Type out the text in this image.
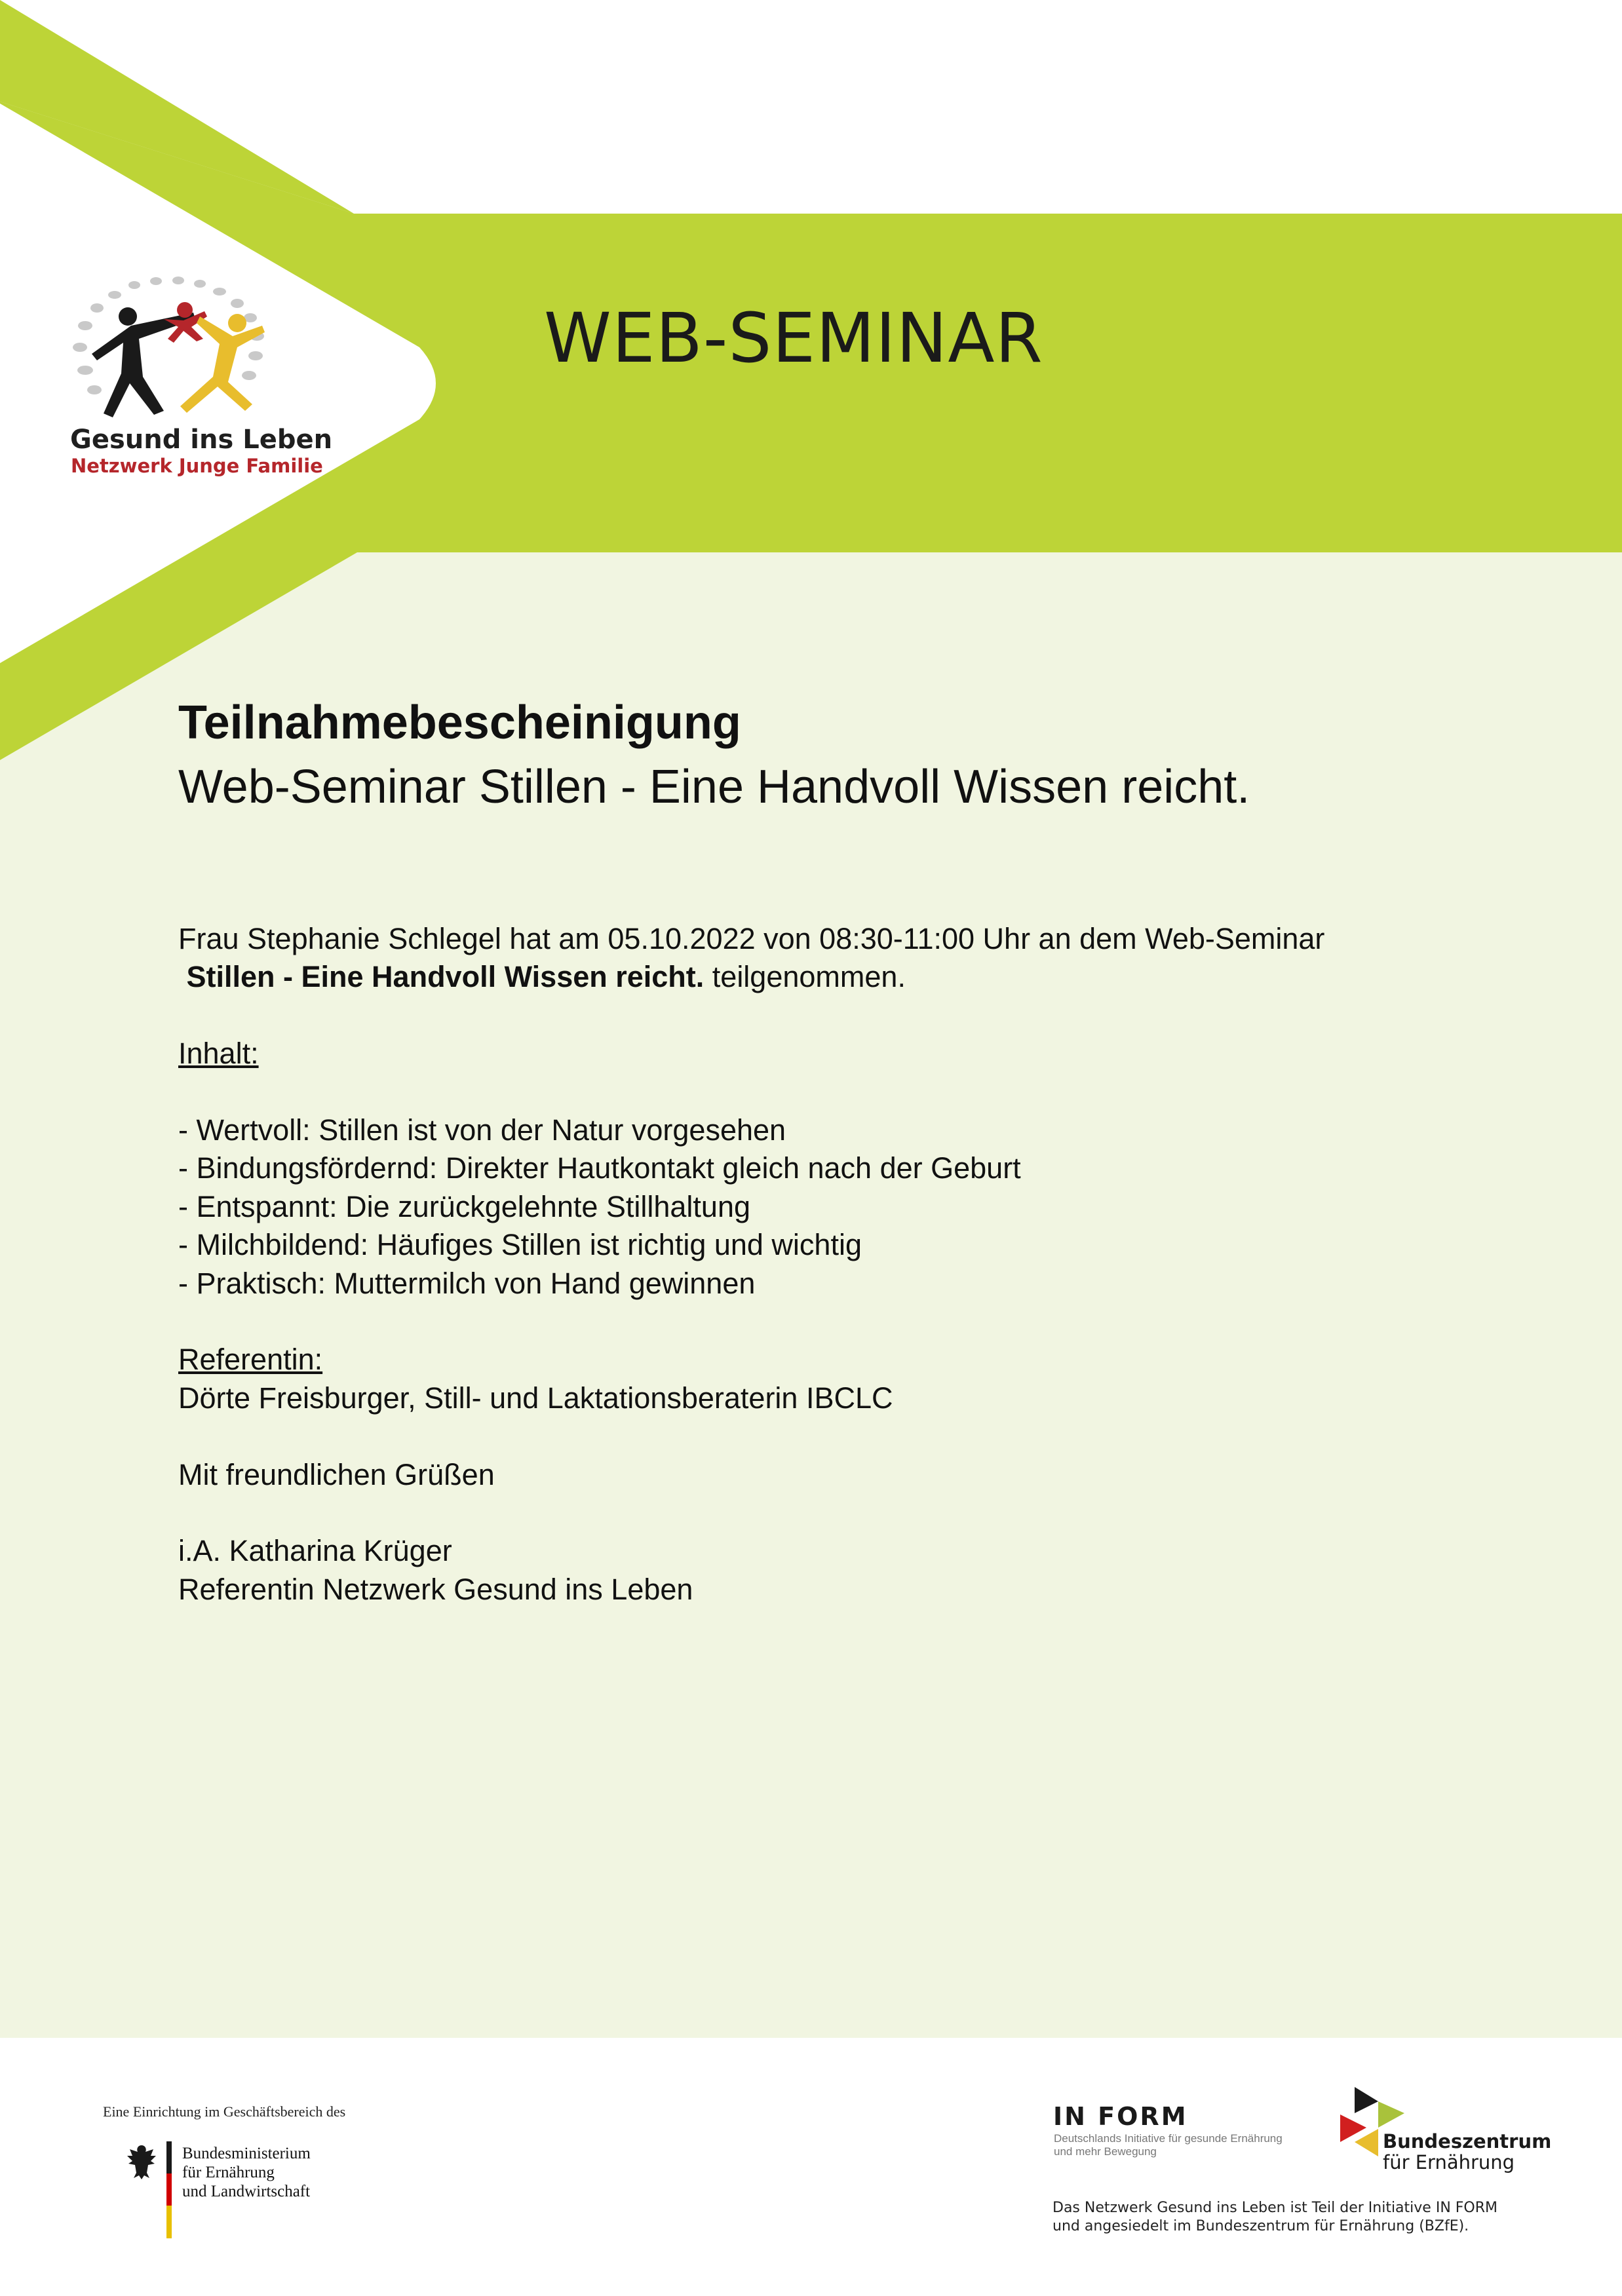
Gesund ins Leben
Netzwerk Junge Familie
WEB-SEMINAR
Teilnahmebescheinigung
Web-Seminar Stillen - Eine Handvoll Wissen reicht.

Frau Stephanie Schlegel hat am 05.10.2022 von 08:30-11:00 Uhr an dem Web-Seminar

Stillen - Eine Handvoll Wissen reicht. teilgenommen.

Inhalt:

- Wertvoll: Stillen ist von der Natur vorgesehen

- Bindungsfördernd: Direkter Hautkontakt gleich nach der Geburt

- Entspannt: Die zurückgelehnte Stillhaltung

- Milchbildend: Häufiges Stillen ist richtig und wichtig

- Praktisch: Muttermilch von Hand gewinnen

Referentin:

Dörte Freisburger, Still- und Laktationsberaterin IBCLC

Mit freundlichen Grüßen

i.A. Katharina Krüger

Referentin Netzwerk Gesund ins Leben

Eine Einrichtung im Geschäftsbereich des
Bundesministerium
für Ernährung
und Landwirtschaft
IN FORM
Deutschlands Initiative für gesunde Ernährung
und mehr Bewegung	Bundeszentrum
für Ernährung
Das Netzwerk Gesund ins Leben ist Teil der Initiative IN FORM
und angesiedelt im Bundeszentrum für Ernährung (BZfE).
